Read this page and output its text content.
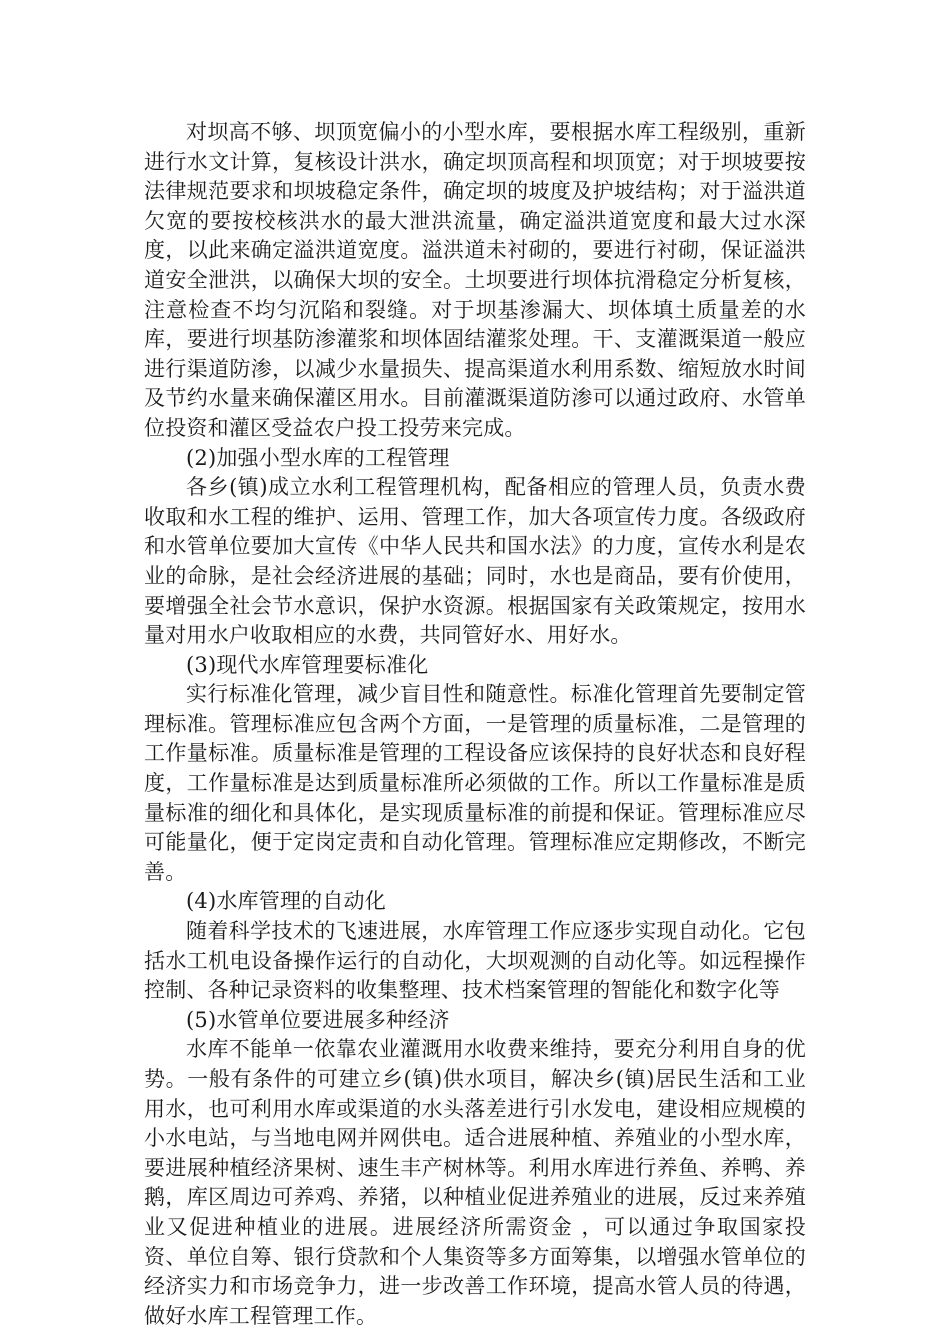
对坝高不够、坝顶宽偏小的小型水库，要根据水库工程级别，重新进行水文计算，复核设计洪水，确定坝顶高程和坝顶宽；对于坝坡要按法律规范要求和坝坡稳定条件，确定坝的坡度及护坡结构；对于溢洪道欠宽的要按校核洪水的最大泄洪流量，确定溢洪道宽度和最大过水深度，以此来确定溢洪道宽度。溢洪道未衬砌的，要进行衬砌，保证溢洪道安全泄洪，以确保大坝的安全。土坝要进行坝体抗滑稳定分析复核，注意检查不均匀沉陷和裂缝。对于坝基渗漏大、坝体填土质量差的水库，要进行坝基防渗灌浆和坝体固结灌浆处理。干、支灌溉渠道一般应进行渠道防渗，以减少水量损失、提高渠道水利用系数、缩短放水时间及节约水量来确保灌区用水。目前灌溉渠道防渗可以通过政府、水管单位投资和灌区受益农户投工投劳来完成。

(2)加强小型水库的工程管理

各乡(镇)成立水利工程管理机构，配备相应的管理人员，负责水费收取和水工程的维护、运用、管理工作，加大各项宣传力度。各级政府和水管单位要加大宣传《中华人民共和国水法》的力度，宣传水利是农业的命脉，是社会经济进展的基础；同时，水也是商品，要有价使用，要增强全社会节水意识，保护水资源。根据国家有关政策规定，按用水量对用水户收取相应的水费，共同管好水、用好水。

(3)现代水库管理要标准化

实行标准化管理，减少盲目性和随意性。标准化管理首先要制定管理标准。管理标准应包含两个方面，一是管理的质量标准，二是管理的工作量标准。质量标准是管理的工程设备应该保持的良好状态和良好程度，工作量标准是达到质量标准所必须做的工作。所以工作量标准是质量标准的细化和具体化，是实现质量标准的前提和保证。管理标准应尽可能量化，便于定岗定责和自动化管理。管理标准应定期修改，不断完善。

(4)水库管理的自动化

随着科学技术的飞速进展，水库管理工作应逐步实现自动化。它包括水工机电设备操作运行的自动化，大坝观测的自动化等。如远程操作控制、各种记录资料的收集整理、技术档案管理的智能化和数字化等

(5)水管单位要进展多种经济

水库不能单一依靠农业灌溉用水收费来维持，要充分利用自身的优势。一般有条件的可建立乡(镇)供水项目，解决乡(镇)居民生活和工业用水，也可利用水库或渠道的水头落差进行引水发电，建设相应规模的小水电站，与当地电网并网供电。适合进展种植、养殖业的小型水库，要进展种植经济果树、速生丰产树林等。利用水库进行养鱼、养鸭、养鹅，库区周边可养鸡、养猪，以种植业促进养殖业的进展，反过来养殖业又促进种植业的进展。进展经济所需资金 ，可以通过争取国家投资、单位自筹、银行贷款和个人集资等多方面筹集，以增强水管单位的经济实力和市场竞争力，进一步改善工作环境，提高水管人员的待遇，做好水库工程管理工作。
